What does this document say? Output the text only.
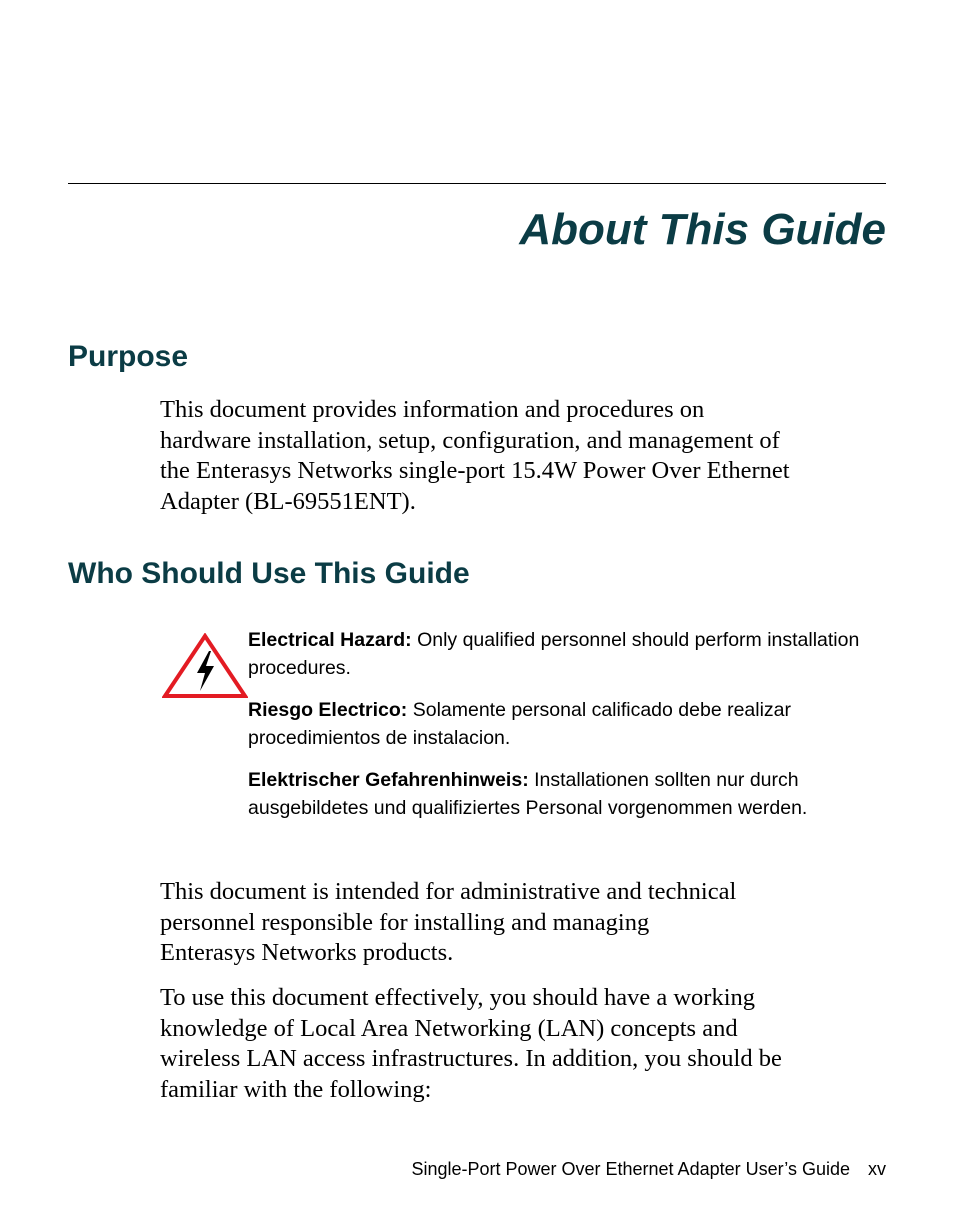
About This Guide
Purpose

This document provides information and procedures on
hardware installation, setup, configuration, and management of
the Enterasys Networks single-port 15.4W Power Over Ethernet
Adapter (BL-69551ENT).

Who Should Use This Guide

Electrical Hazard: Only qualified personnel should perform installation procedures.

Riesgo Electrico: Solamente personal calificado debe realizar procedimientos de instalacion.

Elektrischer Gefahrenhinweis: Installationen sollten nur durch ausgebildetes und qualifiziertes Personal vorgenommen werden.

This document is intended for administrative and technical
personnel responsible for installing and managing
Enterasys Networks products.

To use this document effectively, you should have a working
knowledge of Local Area Networking (LAN) concepts and
wireless LAN access infrastructures. In addition, you should be
familiar with the following:

Single-Port Power Over Ethernet Adapter User’s Guide xv
